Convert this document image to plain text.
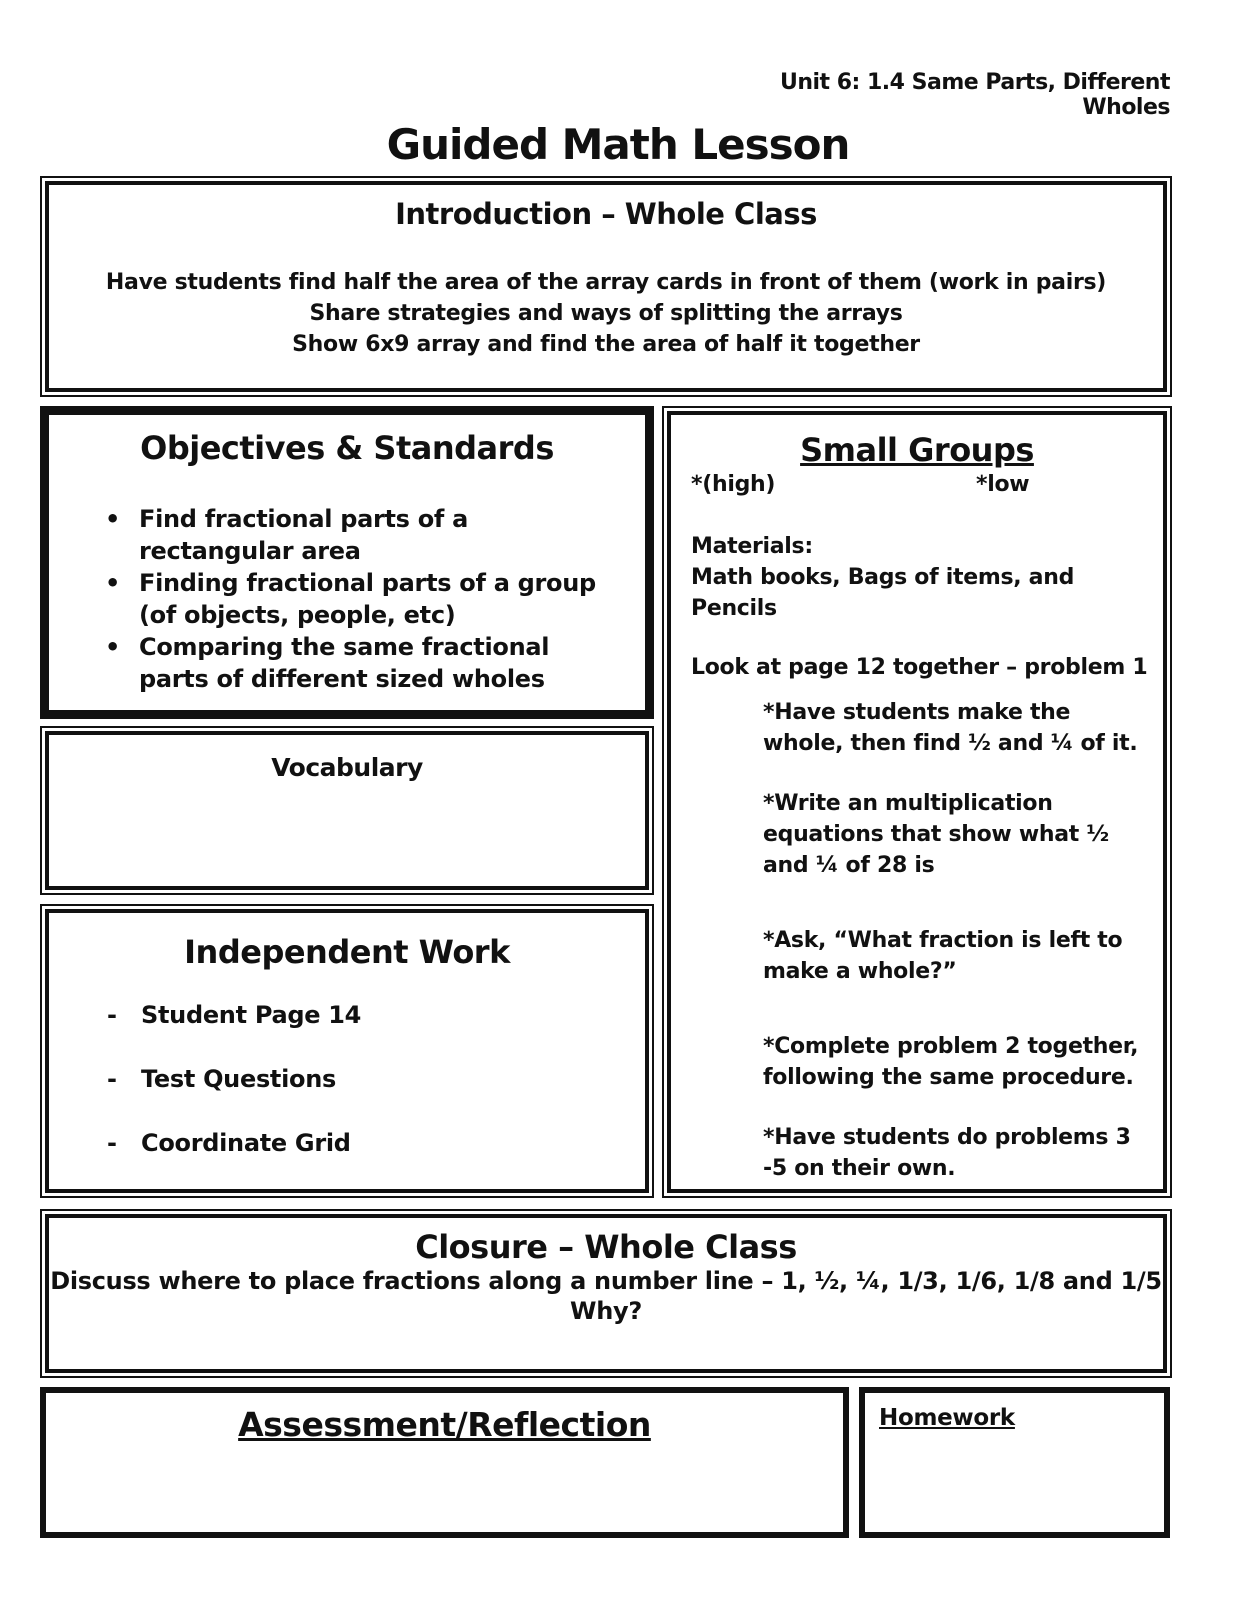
Unit 6: 1.4 Same Parts, Different Wholes
Guided Math Lesson
Introduction – Whole Class
Have students find half the area of the array cards in front of them (work in pairs)
Share strategies and ways of splitting the arrays
Show 6x9 array and find the area of half it together
Objectives & Standards
• Find fractional parts of a rectangular area
• Finding fractional parts of a group (of objects, people, etc)
• Comparing the same fractional parts of different sized wholes
Vocabulary
Independent Work
- Student Page 14
- Test Questions
- Coordinate Grid
Small Groups
*(high)	*low
Materials:
Math books, Bags of items, and Pencils
Look at page 12 together – problem 1
*Have students make the whole, then find ½ and ¼ of it.
*Write an multiplication equations that show what ½ and ¼ of 28 is
*Ask, “What fraction is left to make a whole?”
*Complete problem 2 together, following the same procedure.
*Have students do problems 3 -5 on their own.
Closure – Whole Class
Discuss where to place fractions along a number line – 1, ½, ¼, 1/3, 1/6, 1/8 and 1/5
Why?
Assessment/Reflection	Homework
